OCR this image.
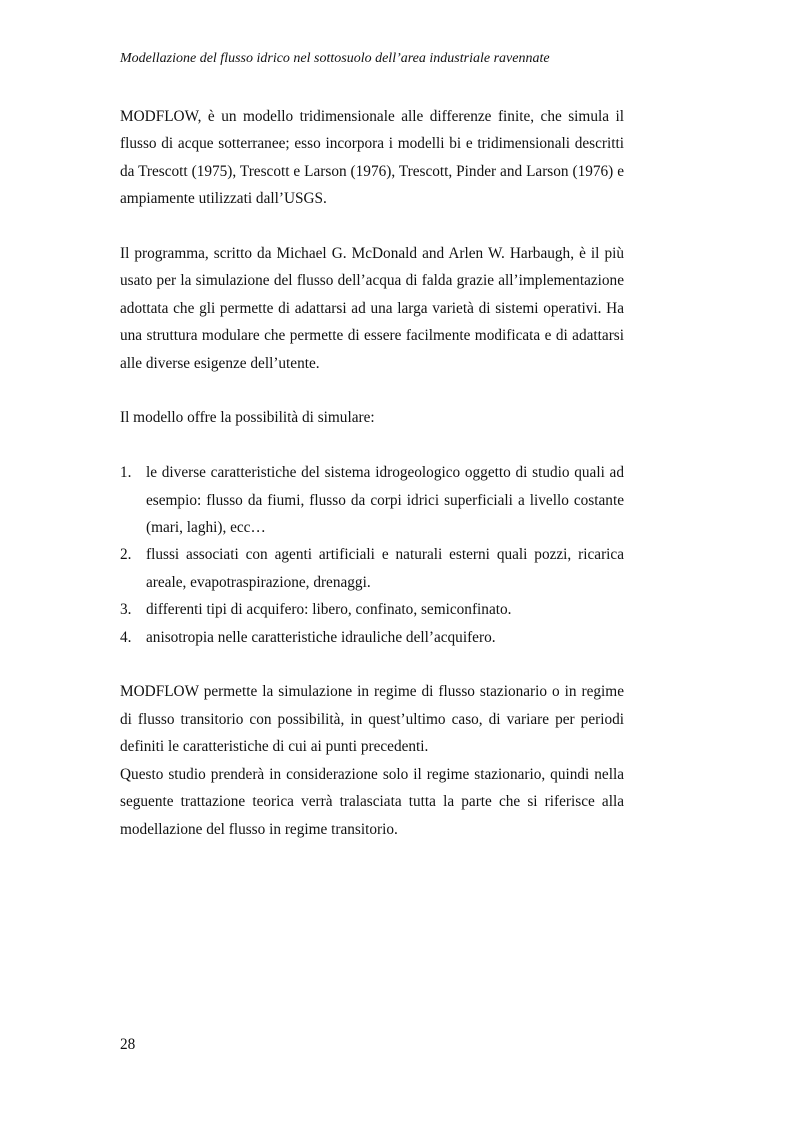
Modellazione del flusso idrico nel sottosuolo dell’area industriale ravennate

MODFLOW, è un modello tridimensionale alle differenze finite, che simula il flusso di acque sotterranee; esso incorpora i modelli bi e tridimensionali descritti da Trescott (1975), Trescott e Larson (1976), Trescott, Pinder and Larson (1976) e ampiamente utilizzati dall’USGS.

Il programma, scritto da Michael G. McDonald and Arlen W. Harbaugh, è il più usato per la simulazione del flusso dell’acqua di falda grazie all’implementazione adottata che gli permette di adattarsi ad una larga varietà di sistemi operativi. Ha una struttura modulare che permette di essere facilmente modificata e di adattarsi alle diverse esigenze dell’utente.

Il modello offre la possibilità di simulare:

1. le diverse caratteristiche del sistema idrogeologico oggetto di studio quali ad esempio: flusso da fiumi, flusso da corpi idrici superficiali a livello costante (mari, laghi), ecc…
2. flussi associati con agenti artificiali e naturali esterni quali pozzi, ricarica areale, evapotraspirazione, drenaggi.
3. differenti tipi di acquifero: libero, confinato, semiconfinato.
4. anisotropia nelle caratteristiche idrauliche dell’acquifero.

MODFLOW permette la simulazione in regime di flusso stazionario o in regime di flusso transitorio con possibilità, in quest’ultimo caso, di variare per periodi definiti le caratteristiche di cui ai punti precedenti.

Questo studio prenderà in considerazione solo il regime stazionario, quindi nella seguente trattazione teorica verrà tralasciata tutta la parte che si riferisce alla modellazione del flusso in regime transitorio.

28
